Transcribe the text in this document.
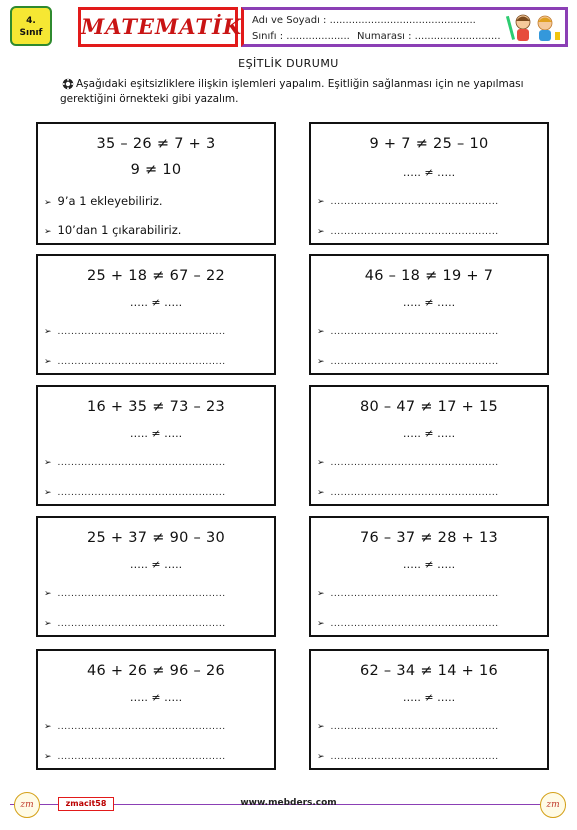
4.
Sınıf	MATEMATİK Adı ve Soyadı : ..............................................
Sınıfı : .................... Numarası : ...........................
EŞİTLİK DURUMU
Aşağıdaki eşitsizliklere ilişkin işlemleri yapalım. Eşitliğin sağlanması için ne yapılması gerektiğini örnekteki gibi yazalım.
35 – 26 ≠ 7 + 3
9 ≠ 10
➢ 9’a 1 ekleyebiliriz.
➢ 10’dan 1 çıkarabiliriz.
25 + 18 ≠ 67 – 22
….. ≠ …..
➢ ..................................................
➢ ..................................................
16 + 35 ≠ 73 – 23
….. ≠ …..
➢ ..................................................
➢ ..................................................
25 + 37 ≠ 90 – 30
….. ≠ …..
➢ ..................................................
➢ ..................................................
46 + 26 ≠ 96 – 26
….. ≠ …..
➢ ..................................................
➢ ..................................................
9 + 7 ≠ 25 – 10
….. ≠ …..
➢ ..................................................
➢ ..................................................
46 – 18 ≠ 19 + 7
….. ≠ …..
➢ ..................................................
➢ ..................................................
80 – 47 ≠ 17 + 15
….. ≠ …..
➢ ..................................................
➢ ..................................................
76 – 37 ≠ 28 + 13
….. ≠ …..
➢ ..................................................
➢ ..................................................
62 – 34 ≠ 14 + 16
….. ≠ …..
➢ ..................................................
➢ ..................................................
zm	zmacit58	www.mebders.com	zm
